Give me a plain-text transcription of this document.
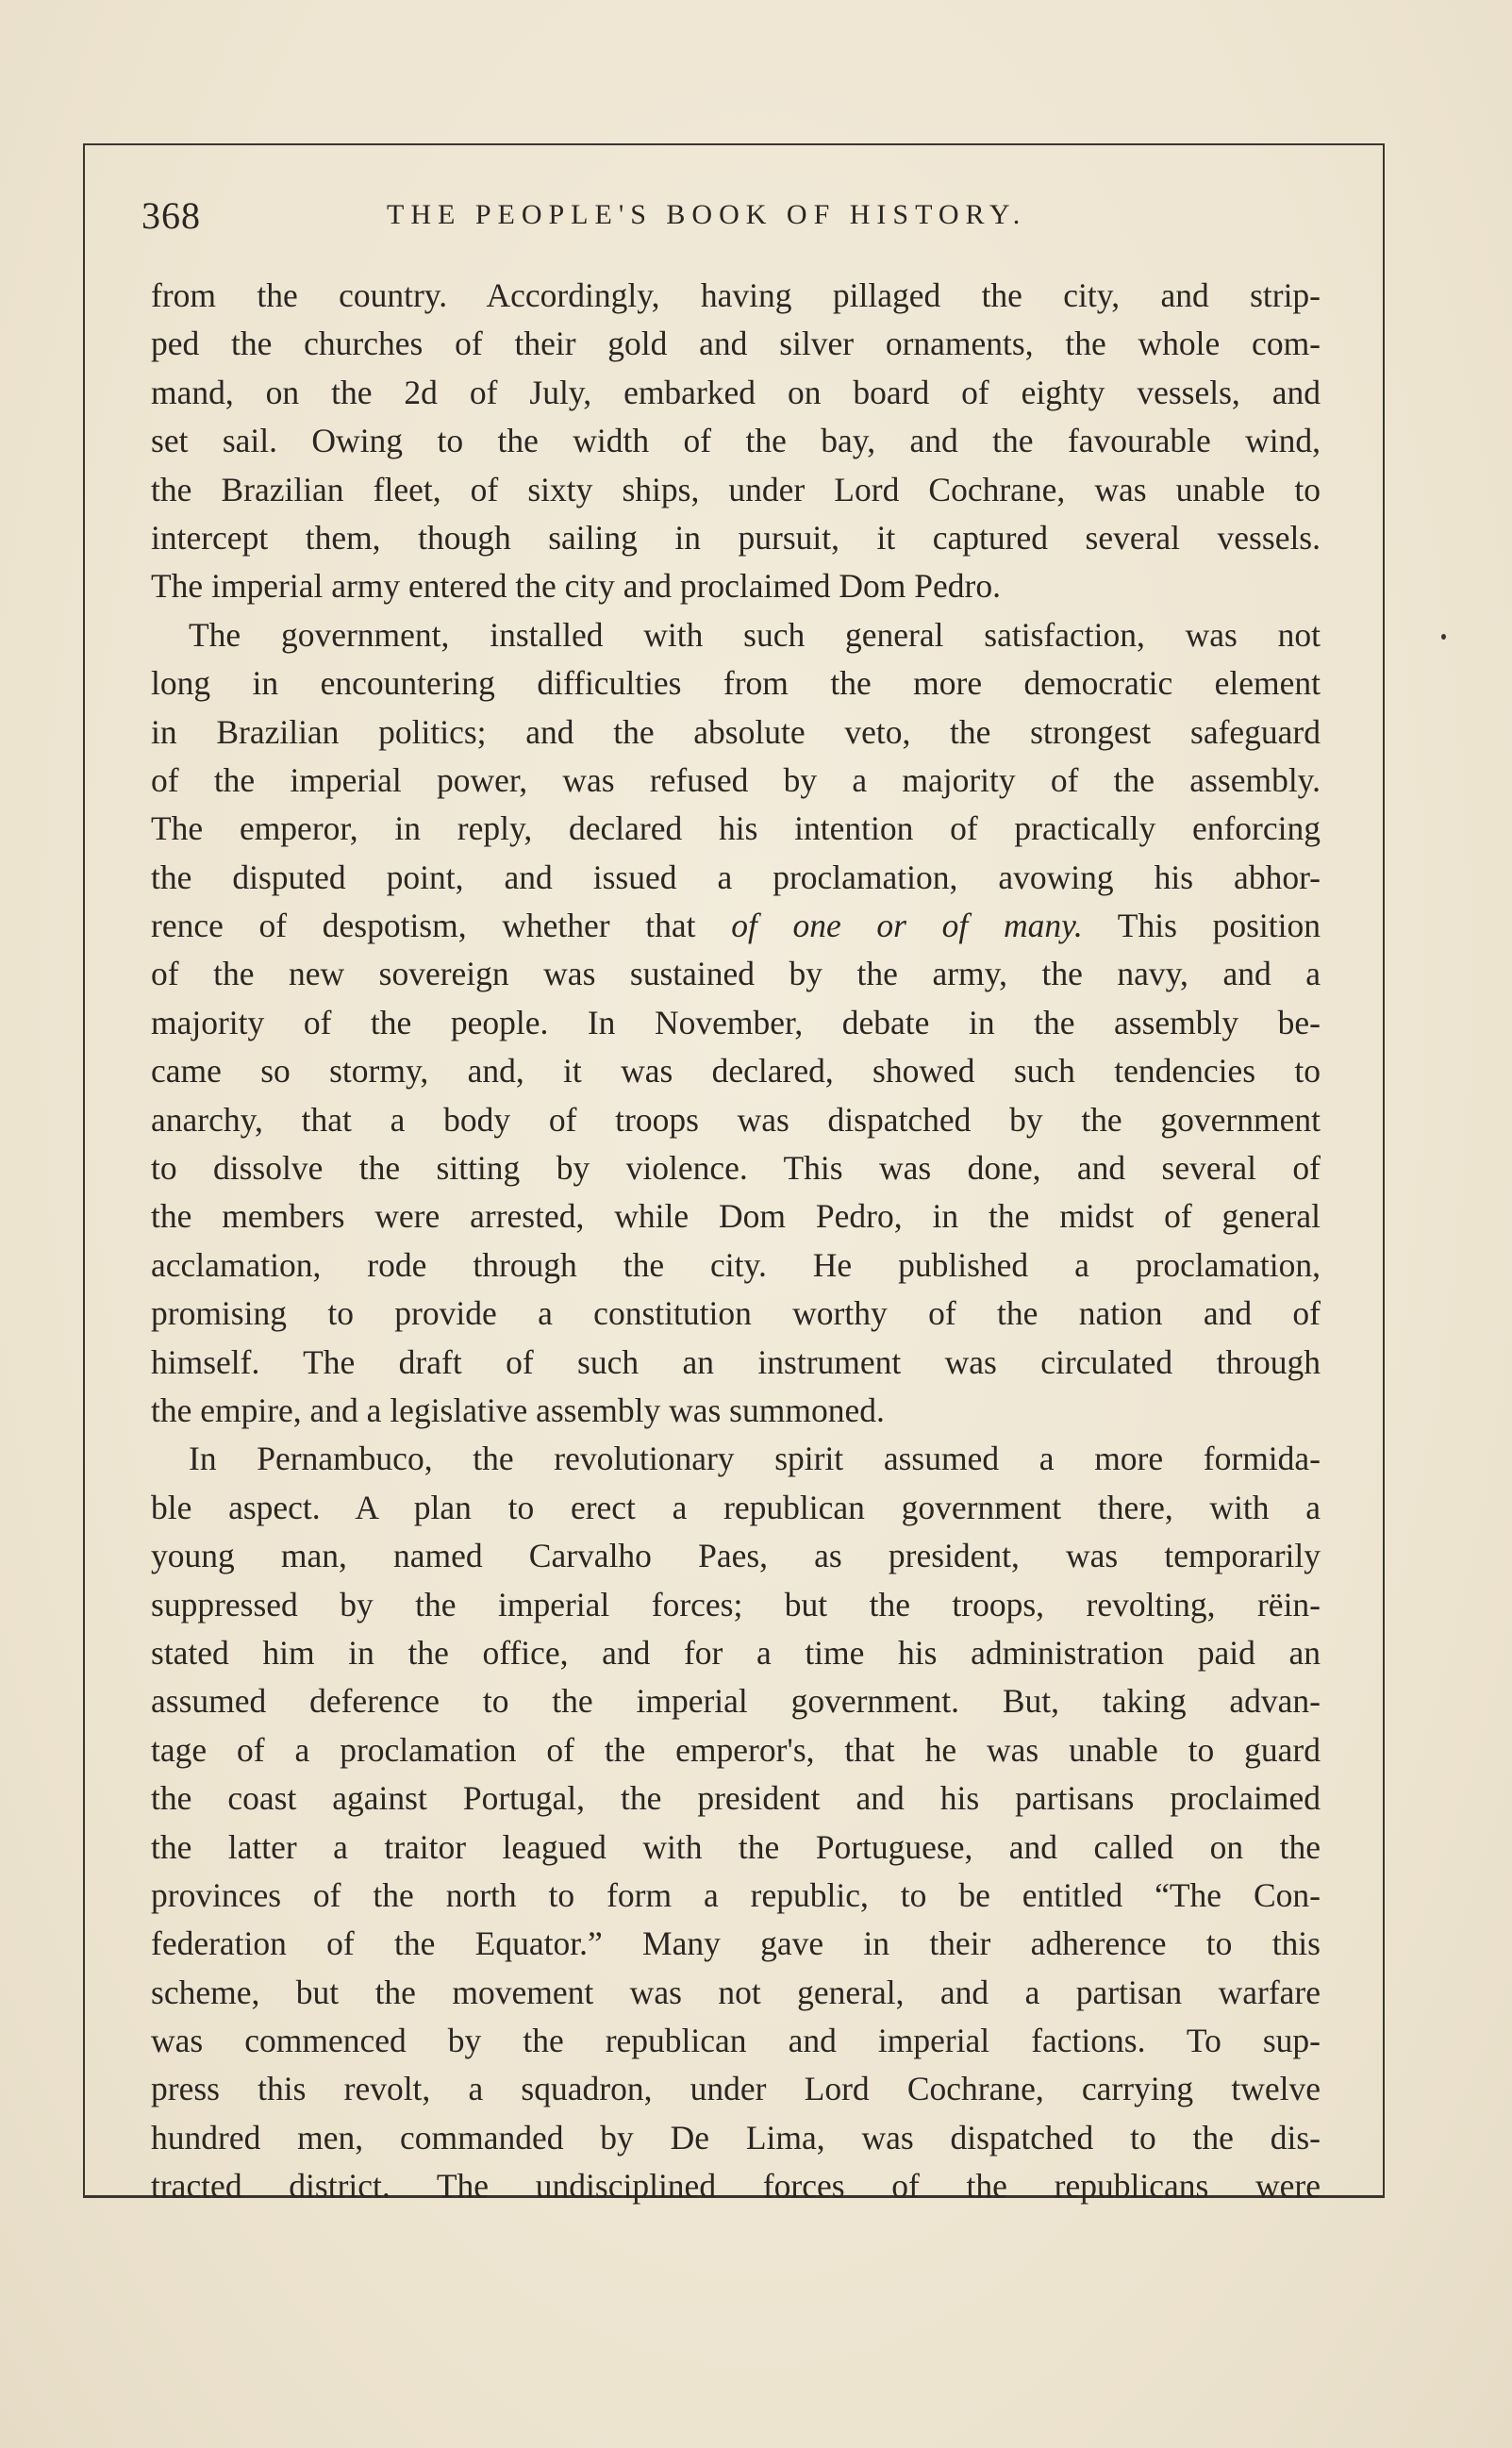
368	THE PEOPLE'S BOOK OF HISTORY.
from the country. Accordingly, having pillaged the city, and strip-
ped the churches of their gold and silver ornaments, the whole com-
mand, on the 2d of July, embarked on board of eighty vessels, and
set sail. Owing to the width of the bay, and the favourable wind,
the Brazilian fleet, of sixty ships, under Lord Cochrane, was unable to
intercept them, though sailing in pursuit, it captured several vessels.
The imperial army entered the city and proclaimed Dom Pedro.
The government, installed with such general satisfaction, was not
long in encountering difficulties from the more democratic element
in Brazilian politics; and the absolute veto, the strongest safeguard
of the imperial power, was refused by a majority of the assembly.
The emperor, in reply, declared his intention of practically enforcing
the disputed point, and issued a proclamation, avowing his abhor-
rence of despotism, whether that of one or of many. This position
of the new sovereign was sustained by the army, the navy, and a
majority of the people. In November, debate in the assembly be-
came so stormy, and, it was declared, showed such tendencies to
anarchy, that a body of troops was dispatched by the government
to dissolve the sitting by violence. This was done, and several of
the members were arrested, while Dom Pedro, in the midst of general
acclamation, rode through the city. He published a proclamation,
promising to provide a constitution worthy of the nation and of
himself. The draft of such an instrument was circulated through
the empire, and a legislative assembly was summoned.
In Pernambuco, the revolutionary spirit assumed a more formida-
ble aspect. A plan to erect a republican government there, with a
young man, named Carvalho Paes, as president, was temporarily
suppressed by the imperial forces; but the troops, revolting, rëin-
stated him in the office, and for a time his administration paid an
assumed deference to the imperial government. But, taking advan-
tage of a proclamation of the emperor's, that he was unable to guard
the coast against Portugal, the president and his partisans proclaimed
the latter a traitor leagued with the Portuguese, and called on the
provinces of the north to form a republic, to be entitled “The Con-
federation of the Equator.” Many gave in their adherence to this
scheme, but the movement was not general, and a partisan warfare
was commenced by the republican and imperial factions. To sup-
press this revolt, a squadron, under Lord Cochrane, carrying twelve
hundred men, commanded by De Lima, was dispatched to the dis-
tracted district. The undisciplined forces of the republicans were
